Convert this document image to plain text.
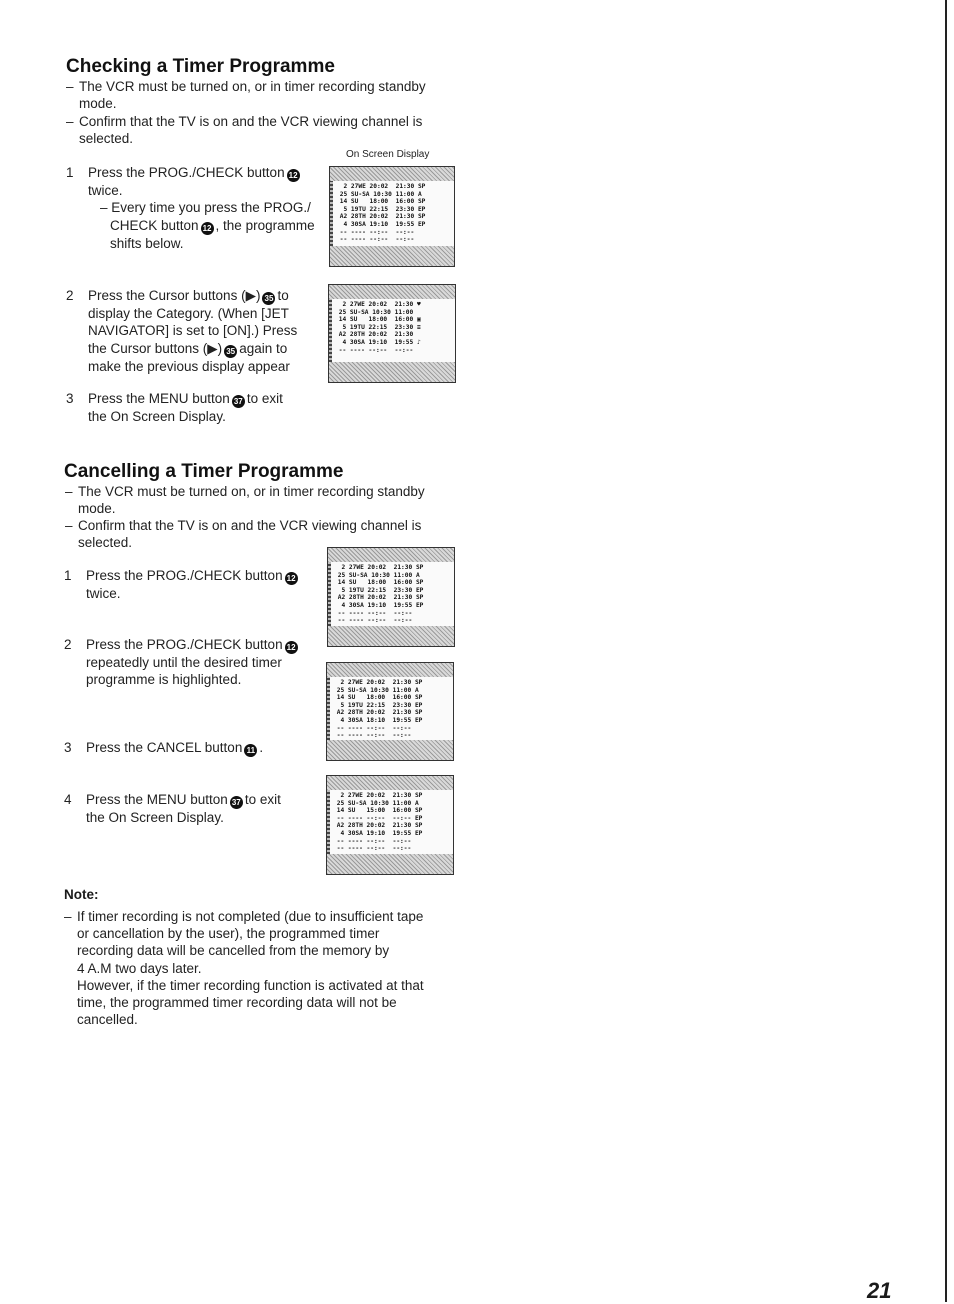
Checking a Timer Programme
– The VCR must be turned on, or in timer recording standby mode.
– Confirm that the TV is on and the VCR viewing channel is selected.
On Screen Display
1 Press the PROG./CHECK button 12
twice.
– Every time you press the PROG./
CHECK button 12 , the programme
shifts below.
2 27WE 20:02  21:30 SP
25 SU-SA 10:30 11:00 A
14 SU   18:00  16:00 SP
5 19TU 22:15  23:30 EP
A2 28TH 20:02  21:30 SP
4 30SA 19:10  19:55 EP
-- ---- --:--  --:--
-- ---- --:--  --:--
2 Press the Cursor buttons (▶) 35 to
display the Category. (When [JET
NAVIGATOR] is set to [ON].) Press
the Cursor buttons (▶) 35 again to
make the previous display appear
2 27WE 20:02  21:30 ♥
25 SU-SA 10:30 11:00
14 SU   18:00  16:00 ▣
5 19TU 22:15  23:30 ≡
A2 28TH 20:02  21:30
4 30SA 19:10  19:55 ♪
-- ---- --:--  --:--
3 Press the MENU button 37 to exit
the On Screen Display.
Cancelling a Timer Programme
– The VCR must be turned on, or in timer recording standby mode.
– Confirm that the TV is on and the VCR viewing channel is selected.
1 Press the PROG./CHECK button 12
twice.
2 27WE 20:02  21:30 SP
25 SU-SA 10:30 11:00 A
14 SU   18:00  16:00 SP
5 19TU 22:15  23:30 EP
A2 28TH 20:02  21:30 SP
4 30SA 19:10  19:55 EP
-- ---- --:--  --:--
-- ---- --:--  --:--
2 Press the PROG./CHECK button 12
repeatedly until the desired timer
programme is highlighted.	2 27WE 20:02  21:30 SP
25 SU-SA 10:30 11:00 A
14 SU   18:00  16:00 SP
5 19TU 22:15  23:30 EP
A2 28TH 20:02  21:30 SP
4 30SA 18:10  19:55 EP
-- ---- --:--  --:--
-- ---- --:--  --:--
3 Press the CANCEL button 11 .
4 Press the MENU button 37 to exit
the On Screen Display.
2 27WE 20:02  21:30 SP
25 SU-SA 10:30 11:00 A
14 SU   15:00  16:00 SP
-- ---- --:--  --:-- EP
A2 28TH 20:02  21:30 SP
4 30SA 19:10  19:55 EP
-- ---- --:--  --:--
-- ---- --:--  --:--
Note:
– If timer recording is not completed (due to insufficient tape
or cancellation by the user), the programmed timer
recording data will be cancelled from the memory by
4 A.M two days later.
However, if the timer recording function is activated at that
time, the programmed timer recording data will not be
cancelled.
21
